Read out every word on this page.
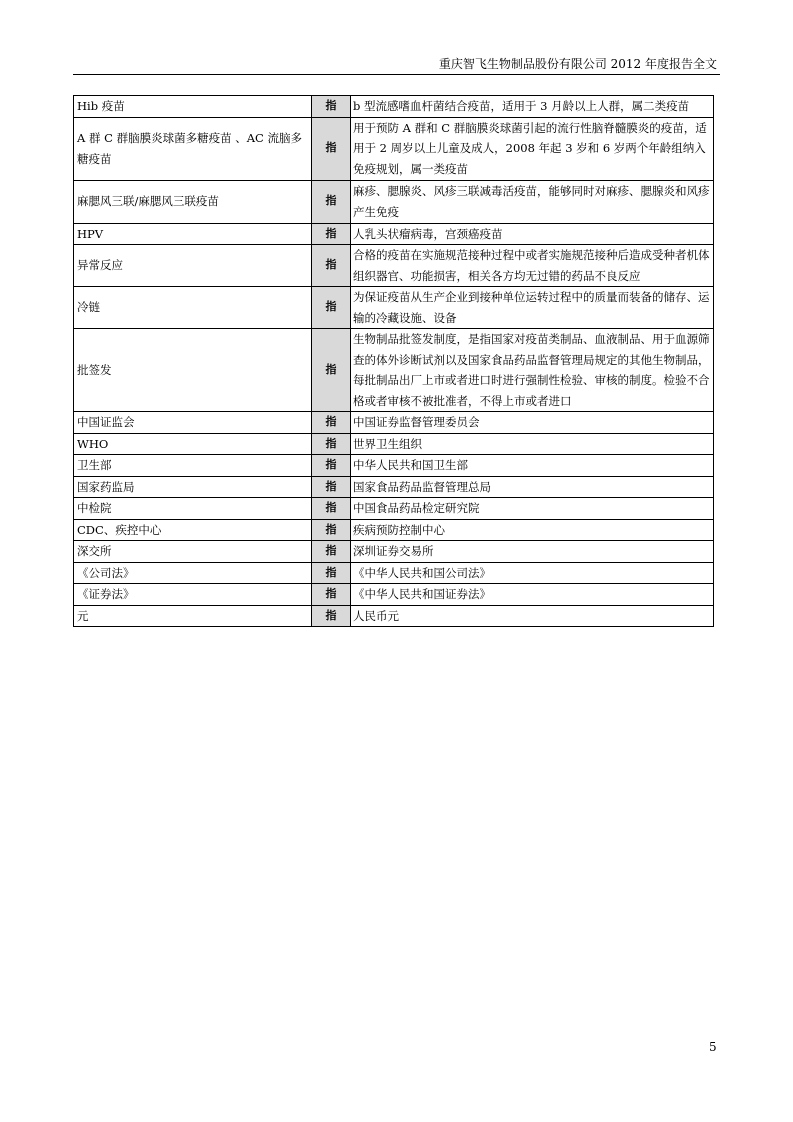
重庆智飞生物制品股份有限公司 2012 年度报告全文
Hib 疫苗	指	b 型流感嗜血杆菌结合疫苗，适用于 3 月龄以上人群，属二类疫苗
A 群 C 群脑膜炎球菌多糖疫苗 、AC 流脑多糖疫苗	指	用于预防 A 群和 C 群脑膜炎球菌引起的流行性脑脊髓膜炎的疫苗，适用于 2 周岁以上儿童及成人，2008 年起 3 岁和 6 岁两个年龄组纳入免疫规划，属一类疫苗
麻腮风三联/麻腮风三联疫苗	指	麻疹、腮腺炎、风疹三联减毒活疫苗，能够同时对麻疹、腮腺炎和风疹产生免疫
HPV	指	人乳头状瘤病毒，宫颈癌疫苗
异常反应	指	合格的疫苗在实施规范接种过程中或者实施规范接种后造成受种者机体组织器官、功能损害，相关各方均无过错的药品不良反应
冷链	指	为保证疫苗从生产企业到接种单位运转过程中的质量而装备的储存、运输的冷藏设施、设备
批签发	指	生物制品批签发制度，是指国家对疫苗类制品、血液制品、用于血源筛查的体外诊断试剂以及国家食品药品监督管理局规定的其他生物制品，每批制品出厂上市或者进口时进行强制性检验、审核的制度。检验不合格或者审核不被批准者，不得上市或者进口
中国证监会	指	中国证券监督管理委员会
WHO	指	世界卫生组织
卫生部	指	中华人民共和国卫生部
国家药监局	指	国家食品药品监督管理总局
中检院	指	中国食品药品检定研究院
CDC、疾控中心	指	疾病预防控制中心
深交所	指	深圳证券交易所
《公司法》	指	《中华人民共和国公司法》
《证券法》	指	《中华人民共和国证券法》
元	指	人民币元
5
